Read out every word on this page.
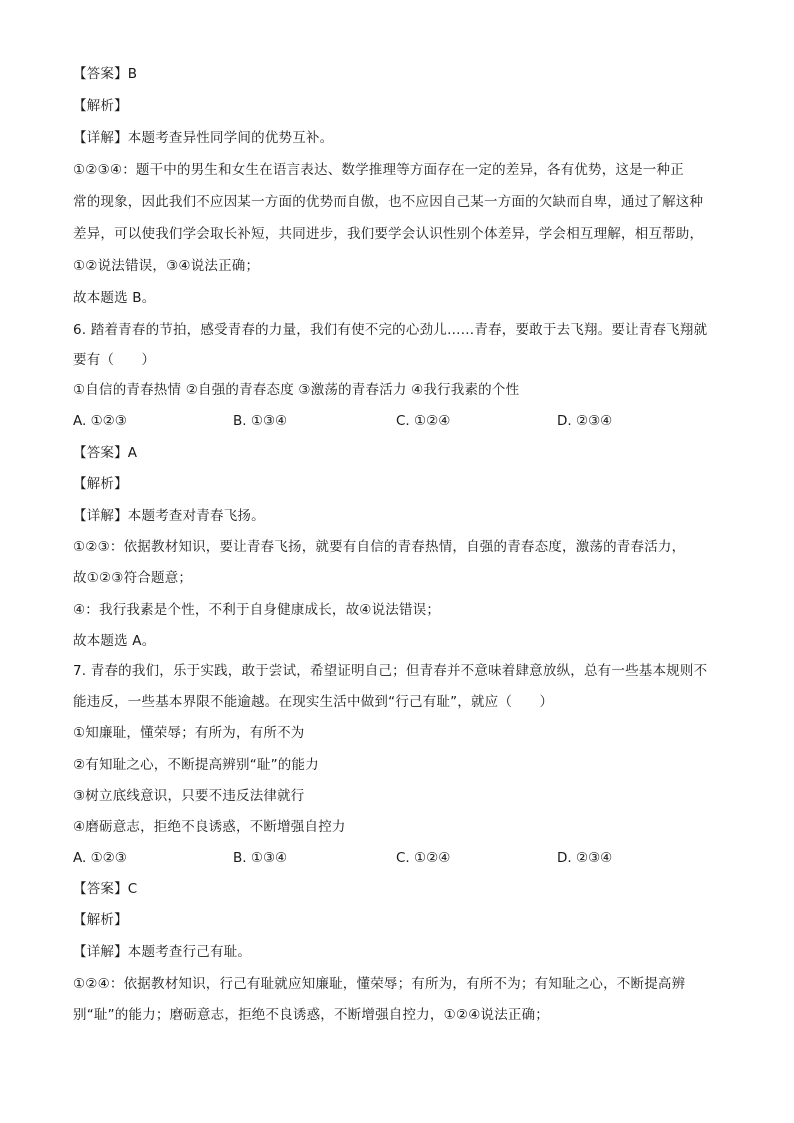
【答案】B
【解析】
【详解】本题考查异性同学间的优势互补。
①②③④：题干中的男生和女生在语言表达、数学推理等方面存在一定的差异，各有优势，这是一种正
常的现象，因此我们不应因某一方面的优势而自傲，也不应因自己某一方面的欠缺而自卑，通过了解这种
差异，可以使我们学会取长补短，共同进步，我们要学会认识性别个体差异，学会相互理解，相互帮助，
①②说法错误，③④说法正确；
故本题选 B。
6. 踏着青春的节拍，感受青春的力量，我们有使不完的心劲儿……青春，要敢于去飞翔。要让青春飞翔就
要有（　　）
①自信的青春热情 ②自强的青春态度 ③激荡的青春活力 ④我行我素的个性
A. ①②③	B. ①③④	C. ①②④	D. ②③④
【答案】A
【解析】
【详解】本题考查对青春飞扬。
①②③：依据教材知识，要让青春飞扬，就要有自信的青春热情，自强的青春态度，激荡的青春活力，
故①②③符合题意；
④：我行我素是个性，不利于自身健康成长，故④说法错误；
故本题选 A。
7. 青春的我们，乐于实践，敢于尝试，希望证明自己；但青春并不意味着肆意放纵，总有一些基本规则不
能违反，一些基本界限不能逾越。在现实生活中做到“行己有耻”，就应（　　）
①知廉耻，懂荣辱；有所为，有所不为
②有知耻之心，不断提高辨别“耻”的能力
③树立底线意识，只要不违反法律就行
④磨砺意志，拒绝不良诱惑，不断增强自控力
A. ①②③	B. ①③④	C. ①②④	D. ②③④
【答案】C
【解析】
【详解】本题考查行己有耻。
①②④：依据教材知识，行己有耻就应知廉耻，懂荣辱；有所为，有所不为；有知耻之心，不断提高辨
别“耻”的能力；磨砺意志，拒绝不良诱惑，不断增强自控力，①②④说法正确；
